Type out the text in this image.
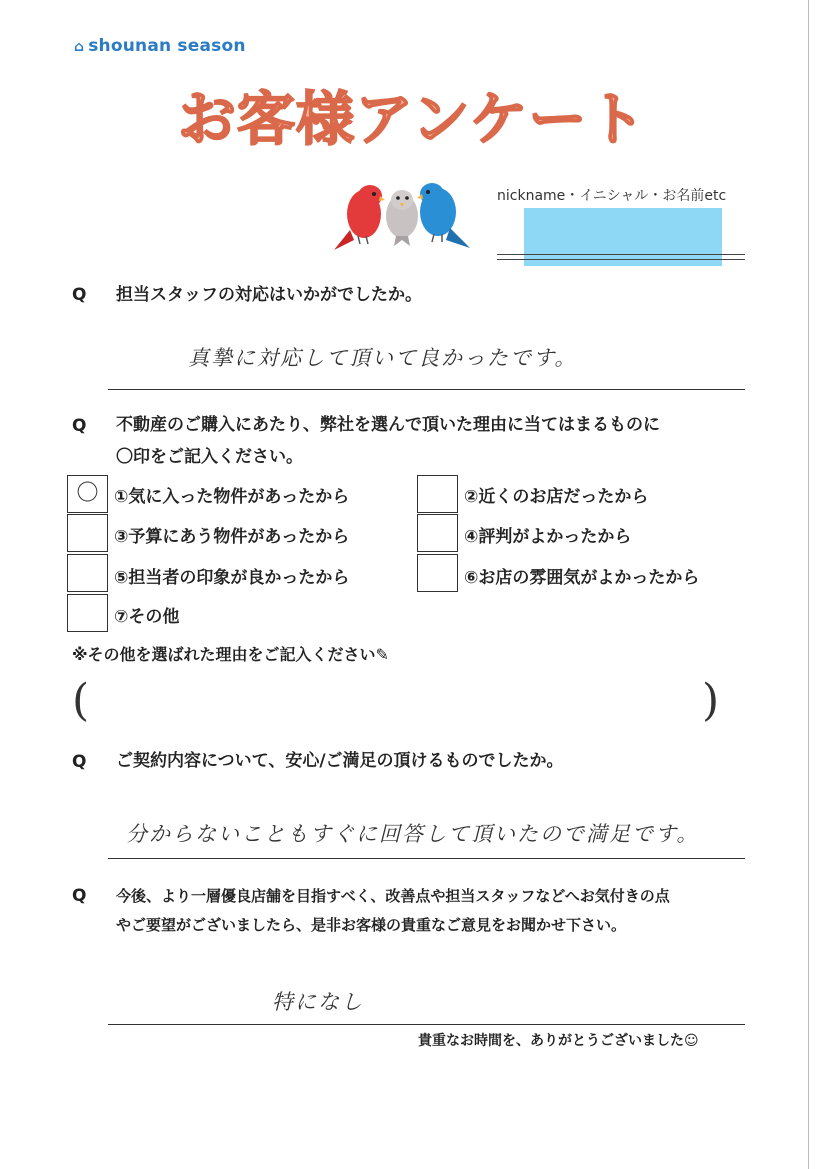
⌂ shounan season
お客様アンケート
nickname・イニシャル・お名前etc
Q 担当スタッフの対応はいかがでしたか。
真摯に対応して頂いて良かったです。
Q 不動産のご購入にあたり、弊社を選んで頂いた理由に当てはまるものに
〇印をご記入ください。
〇 ①気に入った物件があったから	②近くのお店だったから
③予算にあう物件があったから	④評判がよかったから
⑤担当者の印象が良かったから	⑥お店の雰囲気がよかったから
⑦その他
※その他を選ばれた理由をご記入ください✎
(	)
Q ご契約内容について、安心/ご満足の頂けるものでしたか。
分からないこともすぐに回答して頂いたので満足です。
Q 今後、より一層優良店舗を目指すべく、改善点や担当スタッフなどへお気付きの点
やご要望がございましたら、是非お客様の貴重なご意見をお聞かせ下さい。
特になし
貴重なお時間を、ありがとうございました☺
